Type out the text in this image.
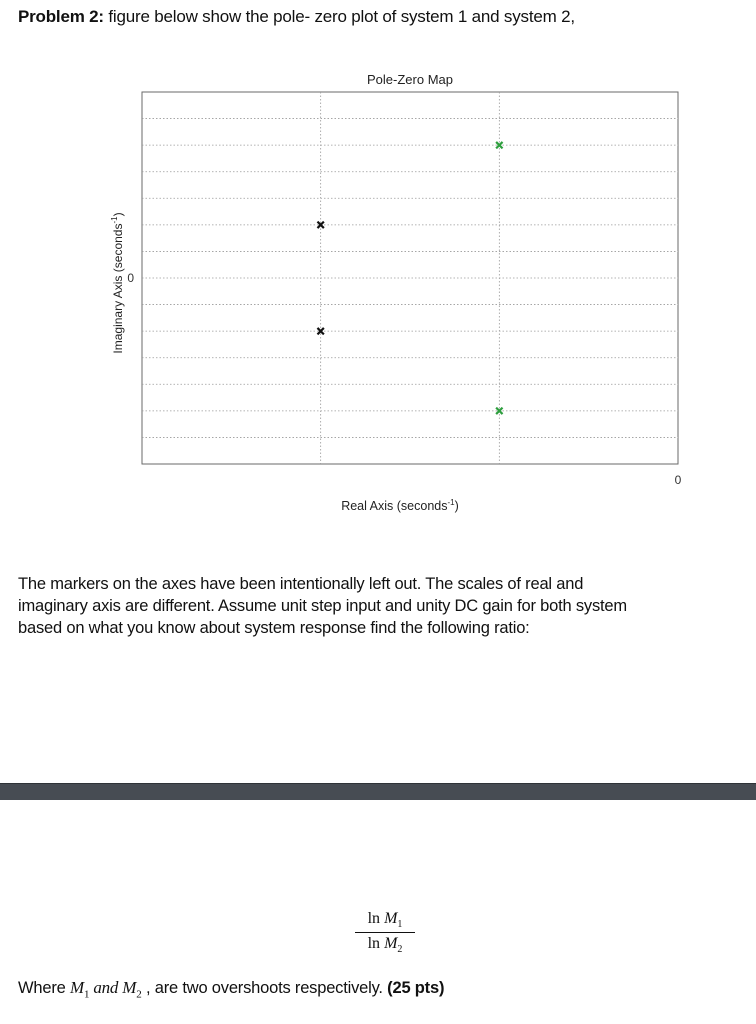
Problem 2: figure below show the pole- zero plot of system 1 and system 2,
Pole-Zero Map
0
0
Real Axis (seconds$^{-1}$)
Imaginary Axis (seconds$^{-1}$)
The markers on the axes have been intentionally left out. The scales of real and
imaginary axis are different. Assume unit step input and unity DC gain for both system
based on what you know about system response find the following ratio:
$\frac{\ln M_1}{\ln M_2}$
Where $M_1$ and $M_2$ , are two overshoots respectively. (25 pts)
